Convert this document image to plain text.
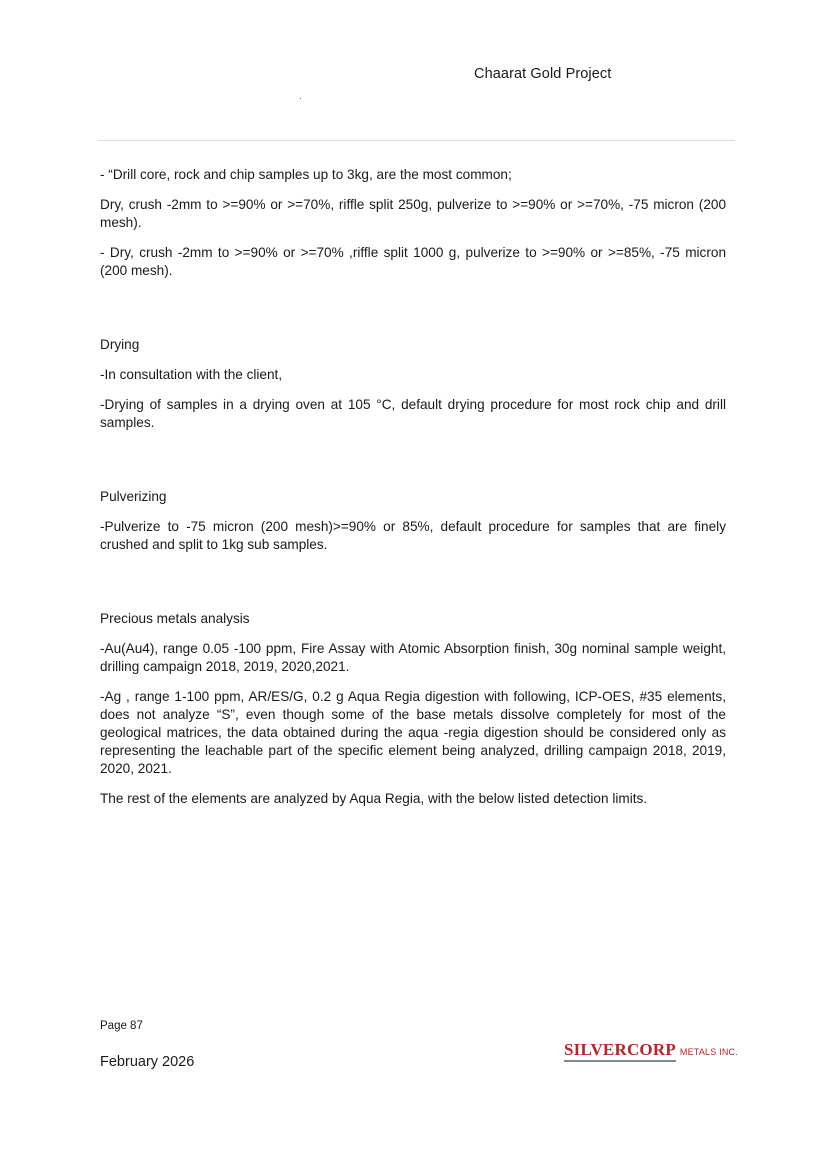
Chaarat Gold Project

- “Drill core, rock and chip samples up to 3kg, are the most common;

Dry, crush -2mm to >=90% or >=70%, riffle split 250g, pulverize to >=90% or >=70%, -75 micron (200 mesh).

- Dry, crush -2mm to >=90% or >=70% ,riffle split 1000 g, pulverize to >=90% or >=85%, -75 micron (200 mesh).

Drying

-In consultation with the client,

-Drying of samples in a drying oven at 105 °C, default drying procedure for most rock chip and drill samples.

Pulverizing

-Pulverize to -75 micron (200 mesh)>=90% or 85%, default procedure for samples that are finely crushed and split to 1kg sub samples.

Precious metals analysis

-Au(Au4), range 0.05 -100 ppm, Fire Assay with Atomic Absorption finish, 30g nominal sample weight, drilling campaign 2018, 2019, 2020,2021.

-Ag , range 1-100 ppm, AR/ES/G, 0.2 g Aqua Regia digestion with following, ICP-OES, #35 elements, does not analyze “S”, even though some of the base metals dissolve completely for most of the geological matrices, the data obtained during the aqua -regia digestion should be considered only as representing the leachable part of the specific element being analyzed, drilling campaign 2018, 2019, 2020, 2021.

The rest of the elements are analyzed by Aqua Regia, with the below listed detection limits.

Page 87
February 2026
SILVERCORP METALS INC.
